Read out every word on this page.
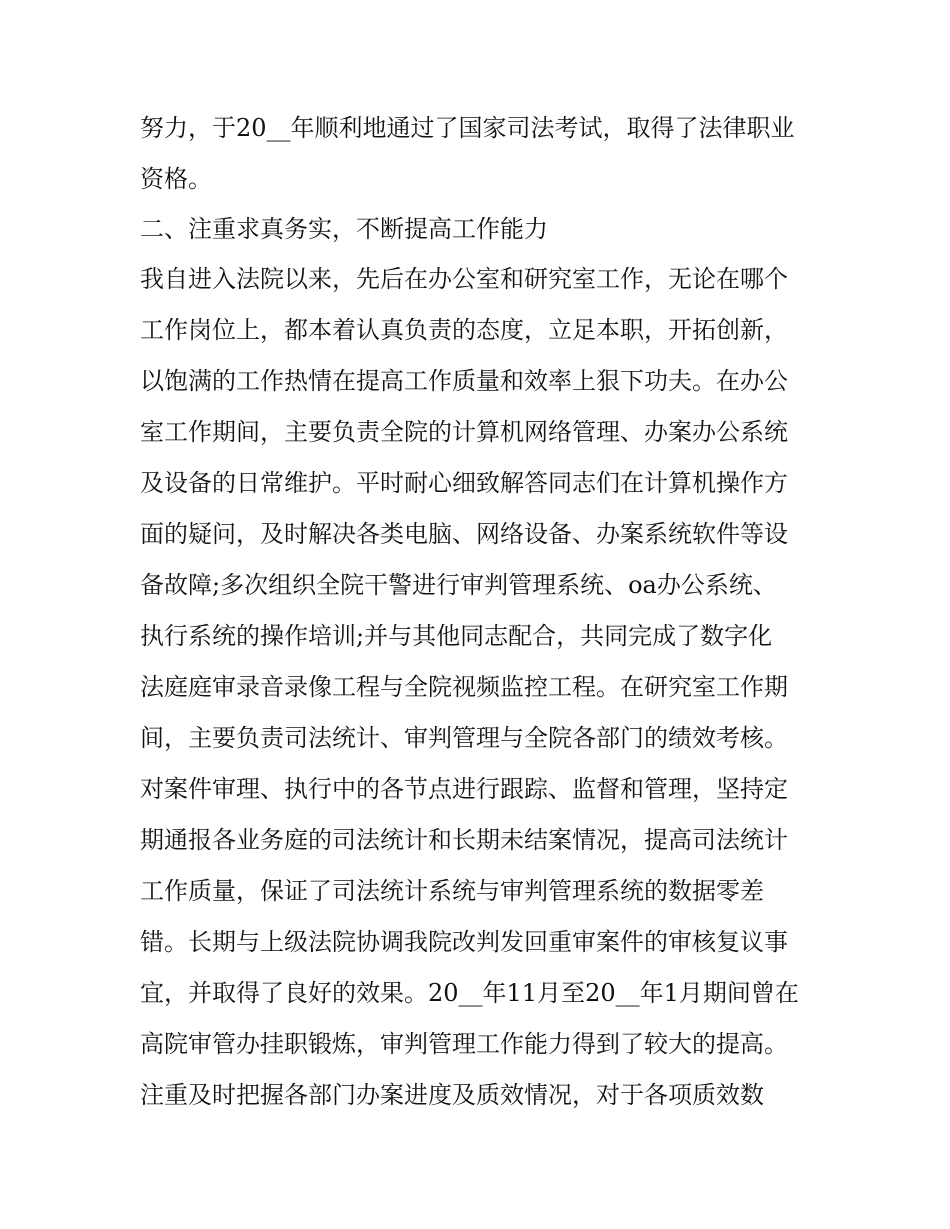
努力，于20__年顺利地通过了国家司法考试，取得了法律职业

资格。

二、注重求真务实，不断提高工作能力

我自进入法院以来，先后在办公室和研究室工作，无论在哪个

工作岗位上，都本着认真负责的态度，立足本职，开拓创新，

以饱满的工作热情在提高工作质量和效率上狠下功夫。在办公

室工作期间，主要负责全院的计算机网络管理、办案办公系统

及设备的日常维护。平时耐心细致解答同志们在计算机操作方

面的疑问，及时解决各类电脑、网络设备、办案系统软件等设

备故障;多次组织全院干警进行审判管理系统、oa办公系统、

执行系统的操作培训;并与其他同志配合，共同完成了数字化

法庭庭审录音录像工程与全院视频监控工程。在研究室工作期

间，主要负责司法统计、审判管理与全院各部门的绩效考核。

对案件审理、执行中的各节点进行跟踪、监督和管理，坚持定

期通报各业务庭的司法统计和长期未结案情况，提高司法统计

工作质量，保证了司法统计系统与审判管理系统的数据零差

错。长期与上级法院协调我院改判发回重审案件的审核复议事

宜，并取得了良好的效果。20__年11月至20__年1月期间曾在

高院审管办挂职锻炼，审判管理工作能力得到了较大的提高。

注重及时把握各部门办案进度及质效情况，对于各项质效数
